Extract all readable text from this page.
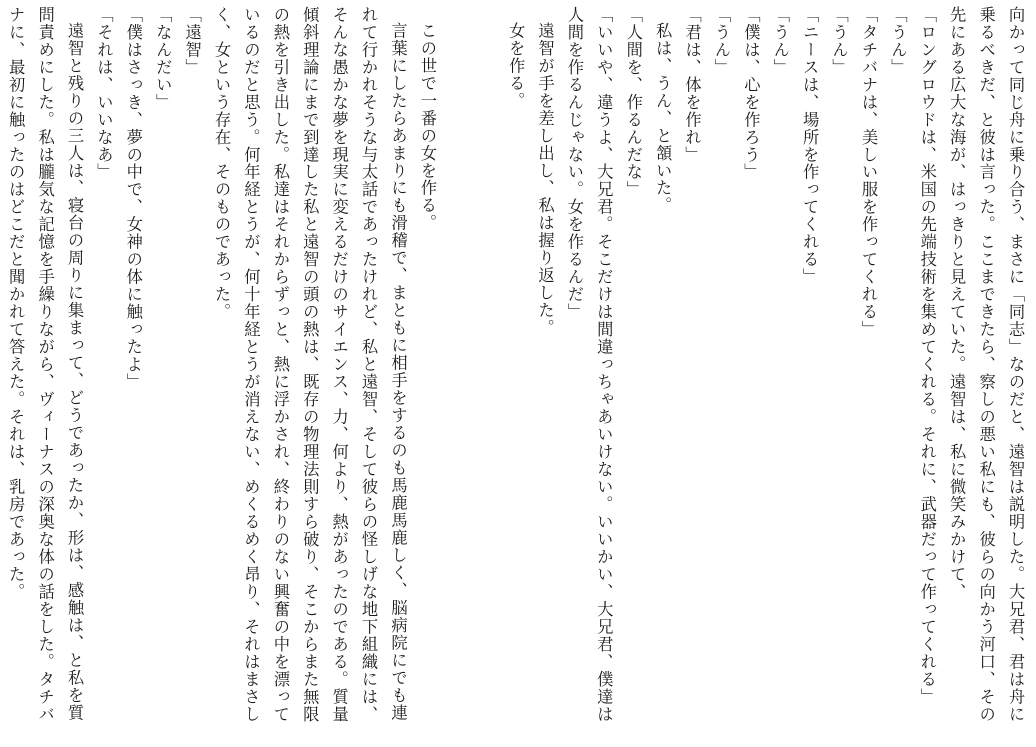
向かって同じ舟に乗り合う、まさに「同志」なのだと、遠智は説明した。大兄君、君は舟に乗るべきだ、と彼は言った。ここまできたら、察しの悪い私にも、彼らの向かう河口、その先にある広大な海が、はっきりと見えていた。遠智は、私に微笑みかけて、

「ロングロウドは、米国の先端技術を集めてくれる。それに、武器だって作ってくれる」

「うん」

「タチバナは、美しい服を作ってくれる」

「うん」

「ニースは、場所を作ってくれる」

「うん」

「僕は、心を作ろう」

「うん」

「君は、体を作れ」

私は、うん、と頷いた。

「人間を、作るんだな」

「いいや、違うよ、大兄君。そこだけは間違っちゃあいけない。いいかい、大兄君、僕達は人間を作るんじゃない。女を作るんだ」

遠智が手を差し出し、私は握り返した。

女を作る。

この世で一番の女を作る。

言葉にしたらあまりにも滑稽で、まともに相手をするのも馬鹿馬鹿しく、脳病院にでも連れて行かれそうな与太話であったけれど、私と遠智、そして彼らの怪しげな地下組織には、そんな愚かな夢を現実に変えるだけのサイエンス、力、何より、熱があったのである。質量傾斜理論にまで到達した私と遠智の頭の熱は、既存の物理法則すら破り、そこからまた無限の熱を引き出した。私達はそれからずっと、熱に浮かされ、終わりのない興奮の中を漂っているのだと思う。何年経とうが、何十年経とうが消えない、めくるめく昂り、それはまさしく、女という存在、そのものであった。

「遠智」

「なんだい」

「僕はさっき、夢の中で、女神の体に触ったよ」

「それは、いいなあ」

遠智と残りの三人は、寝台の周りに集まって、どうであったか、形は、感触は、と私を質問責めにした。私は朧気な記憶を手繰りながら、ヴィーナスの深奥な体の話をした。タチバナに、最初に触ったのはどこだと聞かれて答えた。それは、乳房であった。
